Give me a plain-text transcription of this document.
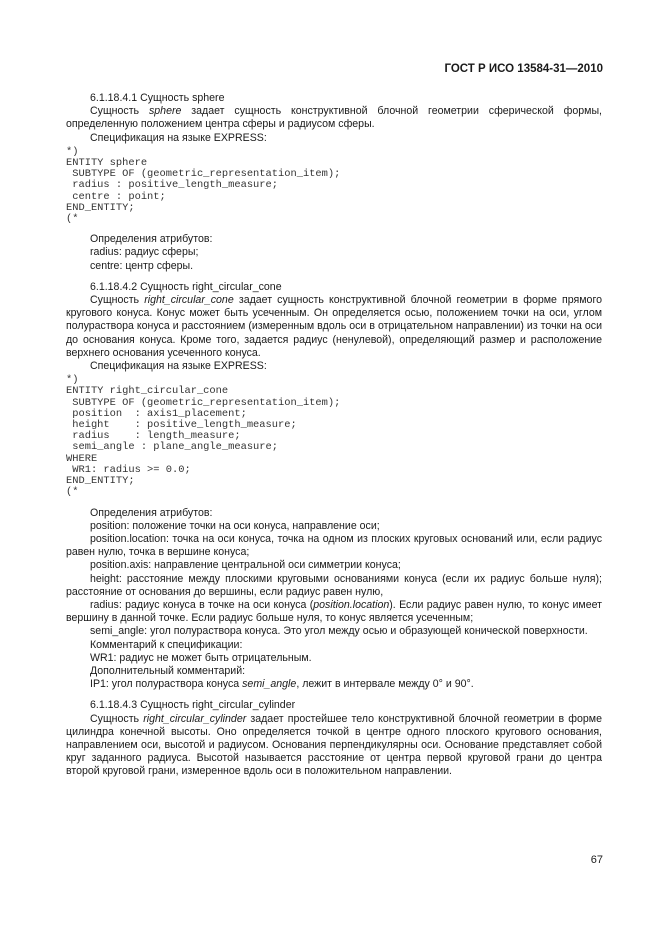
ГОСТ Р ИСО 13584-31—2010

6.1.18.4.1 Сущность sphere

Сущность sphere задает сущность конструктивной блочной геометрии сферической формы, определенную положением центра сферы и радиусом сферы.

Спецификация на языке EXPRESS:

*)
ENTITY sphere
SUBTYPE OF (geometric_representation_item);
radius : positive_length_measure;
centre : point;
END_ENTITY;
(*

Определения атрибутов:

radius: радиус сферы;

centre: центр сферы.

6.1.18.4.2 Сущность right_circular_cone

Сущность right_circular_cone задает сущность конструктивной блочной геометрии в форме прямого кругового конуса. Конус может быть усеченным. Он определяется осью, положением точки на оси, углом полураствора конуса и расстоянием (измеренным вдоль оси в отрицательном направлении) из точки на оси до основания конуса. Кроме того, задается радиус (ненулевой), определяющий размер и расположение верхнего основания усеченного конуса.

Спецификация на языке EXPRESS:

*)
ENTITY right_circular_cone
SUBTYPE OF (geometric_representation_item);
position  : axis1_placement;
height    : positive_length_measure;
radius    : length_measure;
semi_angle : plane_angle_measure;
WHERE
WR1: radius >= 0.0;
END_ENTITY;
(*

Определения атрибутов:

position: положение точки на оси конуса, направление оси;

position.location: точка на оси конуса, точка на одном из плоских круговых оснований или, если радиус равен нулю, точка в вершине конуса;

position.axis: направление центральной оси симметрии конуса;

height: расстояние между плоскими круговыми основаниями конуса (если их радиус больше нуля); расстояние от основания до вершины, если радиус равен нулю,

radius: радиус конуса в точке на оси конуса (position.location). Если радиус равен нулю, то конус имеет вершину в данной точке. Если радиус больше нуля, то конус является усеченным;

semi_angle: угол полураствора конуса. Это угол между осью и образующей конической поверхности.

Комментарий к спецификации:

WR1: радиус не может быть отрицательным.

Дополнительный комментарий:

IP1: угол полураствора конуса semi_angle, лежит в интервале между 0° и 90°.

6.1.18.4.3 Сущность right_circular_cylinder

Сущность right_circular_cylinder задает простейшее тело конструктивной блочной геометрии в форме цилиндра конечной высоты. Оно определяется точкой в центре одного плоского кругового основания, направлением оси, высотой и радиусом. Основания перпендикулярны оси. Основание представляет собой круг заданного радиуса. Высотой называется расстояние от центра первой круговой грани до центра второй круговой грани, измеренное вдоль оси в положительном направлении.

67
